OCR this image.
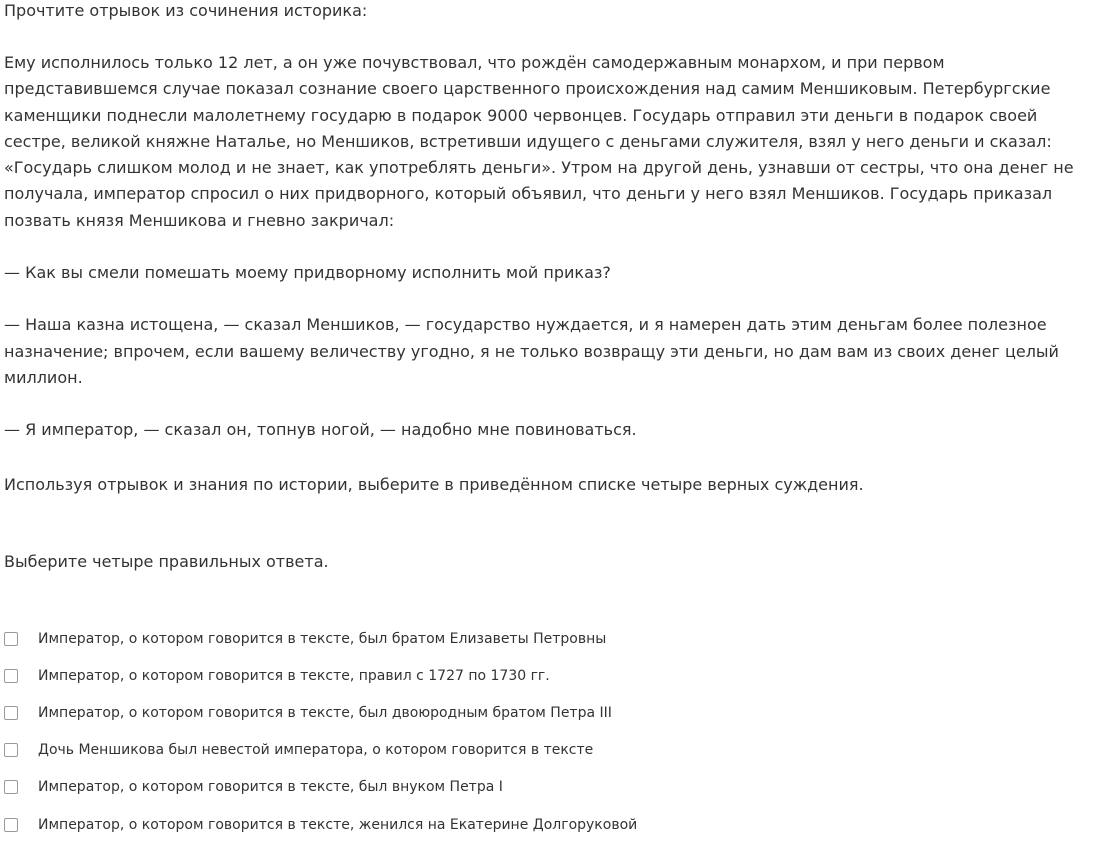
Прочтите отрывок из сочинения историка:

Ему исполнилось только 12 лет, а он уже почувствовал, что рождён самодержавным монархом, и при первом представившемся случае показал сознание своего царственного происхождения над самим Меншиковым. Петербургские каменщики поднесли малолетнему государю в подарок 9000 червонцев. Государь отправил эти деньги в подарок своей сестре, великой княжне Наталье, но Меншиков, встретивши идущего с деньгами служителя, взял у него деньги и сказал: «Государь слишком молод и не знает, как употреблять деньги». Утром на другой день, узнавши от сестры, что она денег не получала, император спросил о них придворного, который объявил, что деньги у него взял Меншиков. Государь приказал позвать князя Меншикова и гневно закричал:

— Как вы смели помешать моему придворному исполнить мой приказ?

— Наша казна истощена, — сказал Меншиков, — государство нуждается, и я намерен дать этим деньгам более полезное назначение; впрочем, если вашему величеству угодно, я не только возвращу эти деньги, но дам вам из своих денег целый миллион.

— Я император, — сказал он, топнув ногой, — надобно мне повиноваться.

Используя отрывок и знания по истории, выберите в приведённом списке четыре верных суждения.

Выберите четыре правильных ответа.

Император, о котором говорится в тексте, был братом Елизаветы Петровны
Император, о котором говорится в тексте, правил с 1727 по 1730 гг.
Император, о котором говорится в тексте, был двоюродным братом Петра III
Дочь Меншикова был невестой императора, о котором говорится в тексте
Император, о котором говорится в тексте, был внуком Петра I
Император, о котором говорится в тексте, женился на Екатерине Долгоруковой
